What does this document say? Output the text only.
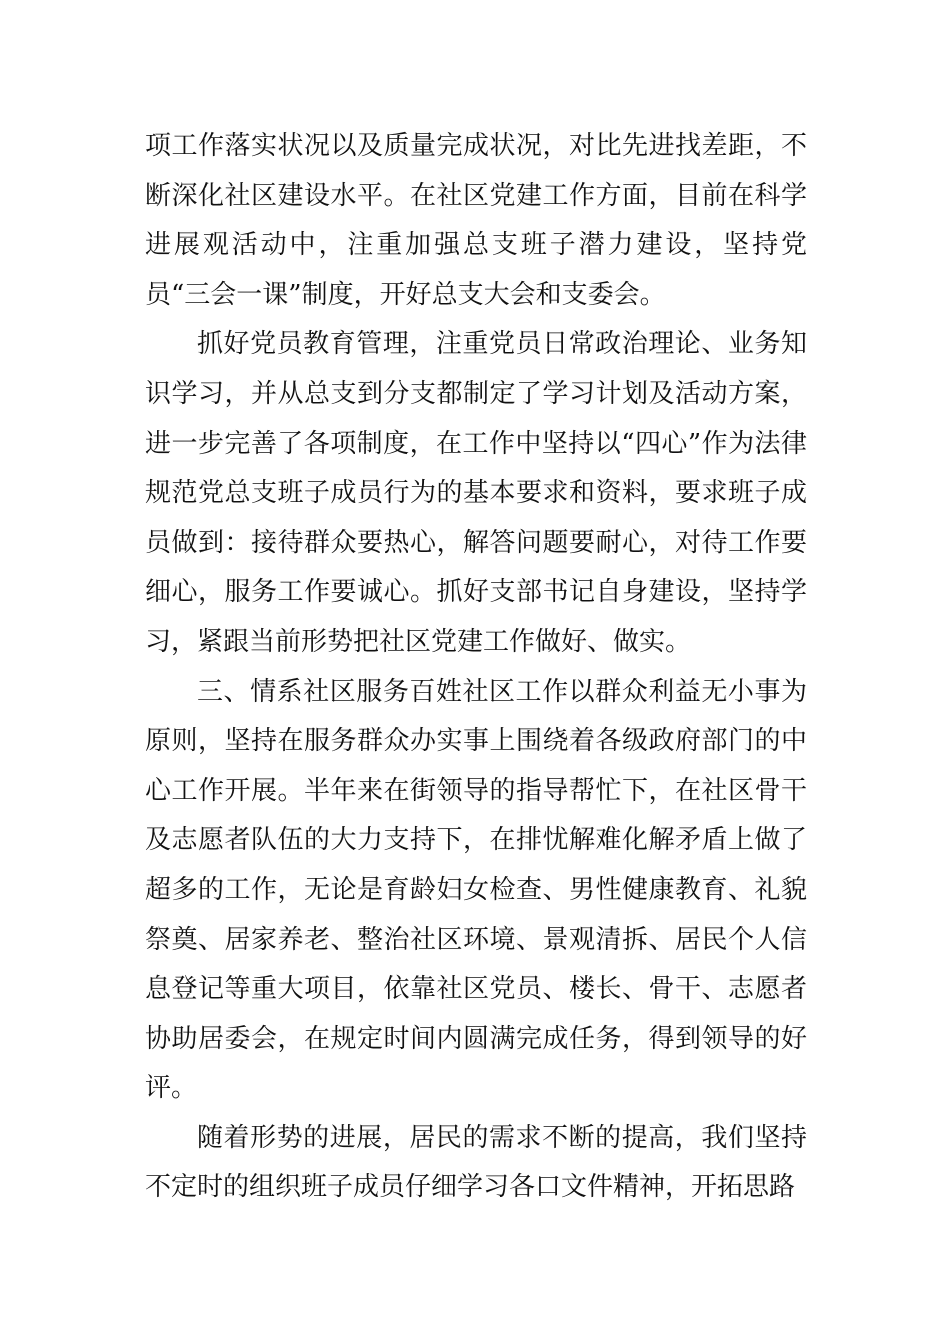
项工作落实状况以及质量完成状况，对比先进找差距，不断深化社区建设水平。在社区党建工作方面，目前在科学进展观活动中，注重加强总支班子潜力建设，坚持党员“三会一课”制度，开好总支大会和支委会。

抓好党员教育管理，注重党员日常政治理论、业务知识学习，并从总支到分支都制定了学习计划及活动方案，进一步完善了各项制度，在工作中坚持以“四心”作为法律规范党总支班子成员行为的基本要求和资料，要求班子成员做到：接待群众要热心，解答问题要耐心，对待工作要细心，服务工作要诚心。抓好支部书记自身建设，坚持学习，紧跟当前形势把社区党建工作做好、做实。

三、情系社区服务百姓社区工作以群众利益无小事为原则，坚持在服务群众办实事上围绕着各级政府部门的中心工作开展。半年来在街领导的指导帮忙下，在社区骨干及志愿者队伍的大力支持下，在排忧解难化解矛盾上做了超多的工作，无论是育龄妇女检查、男性健康教育、礼貌祭奠、居家养老、整治社区环境、景观清拆、居民个人信息登记等重大项目，依靠社区党员、楼长、骨干、志愿者协助居委会，在规定时间内圆满完成任务，得到领导的好评。

随着形势的进展，居民的需求不断的提高，我们坚持不定时的组织班子成员仔细学习各口文件精神，开拓思路
